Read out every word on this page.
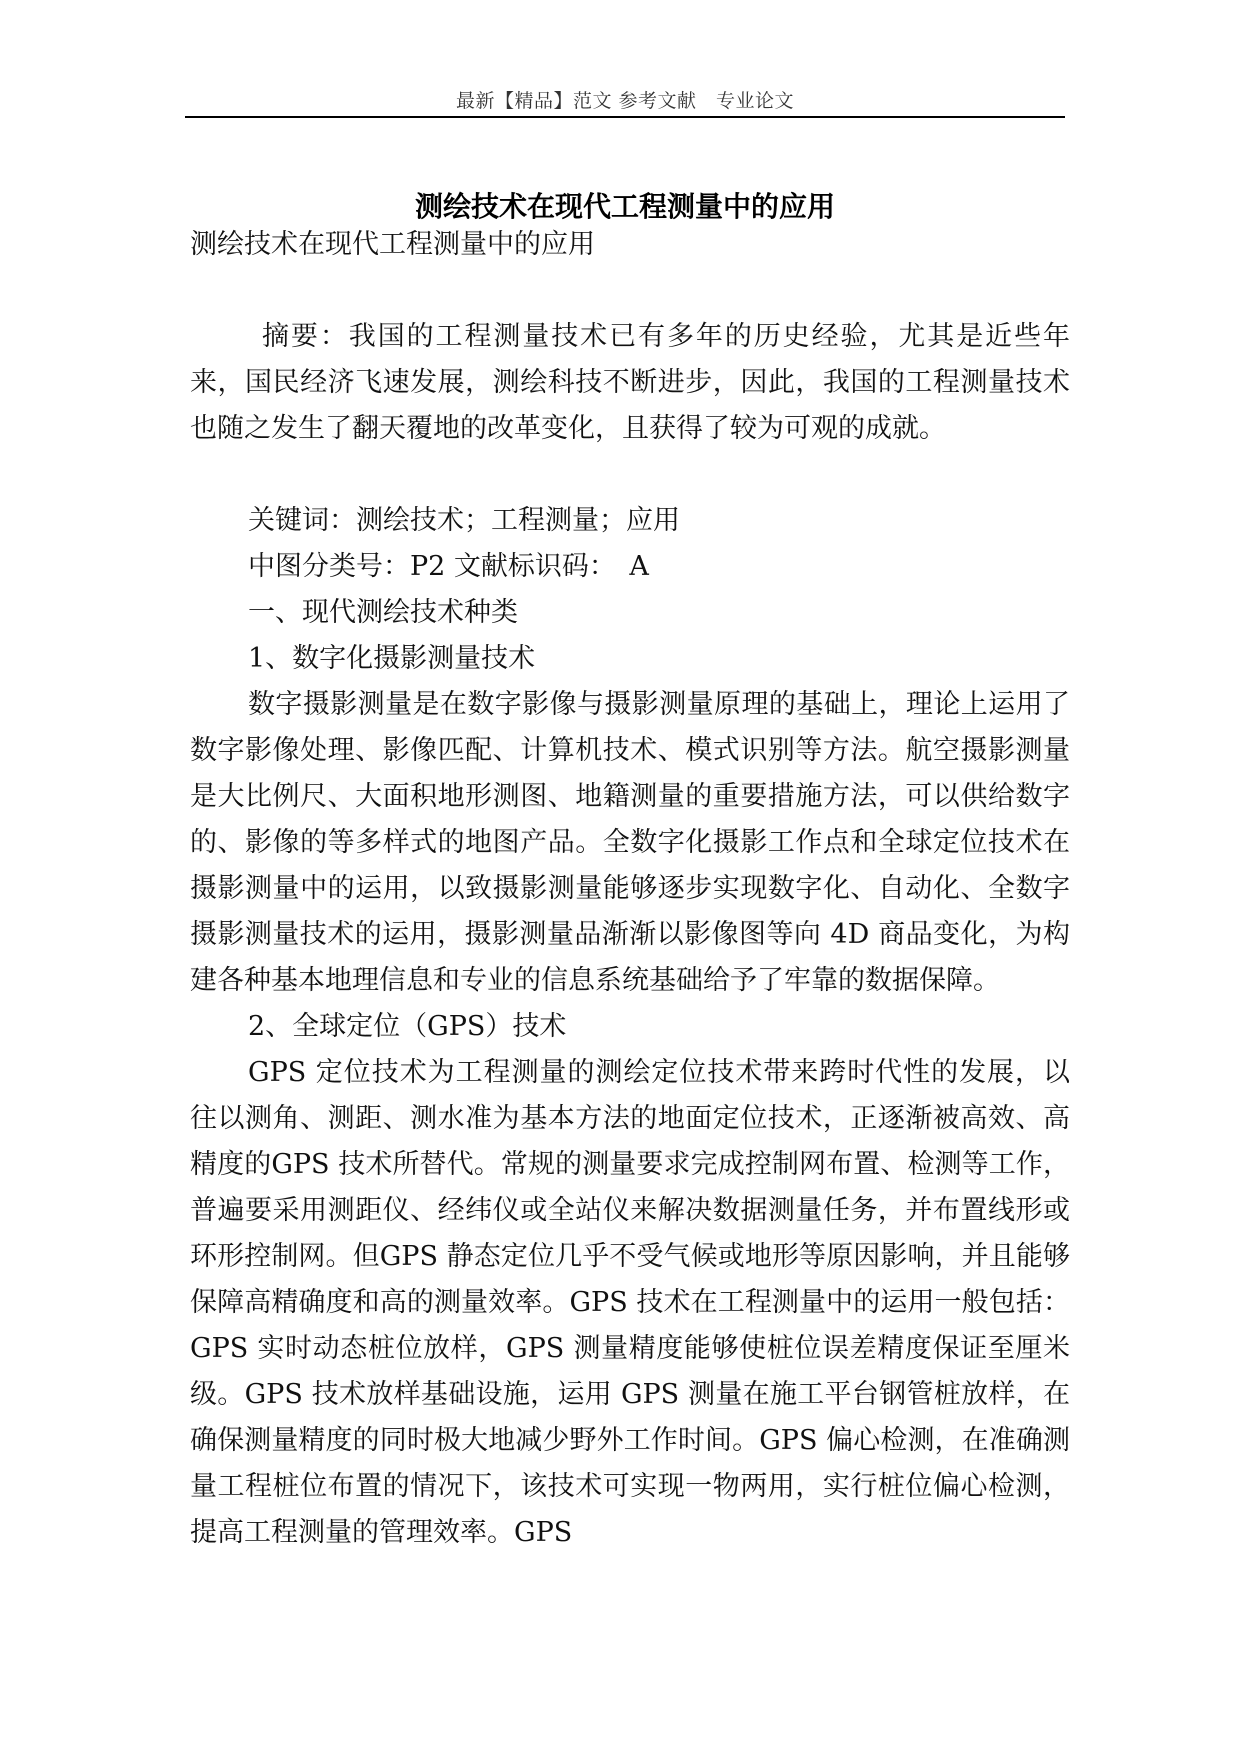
最新【精品】范文 参考文献　专业论文
测绘技术在现代工程测量中的应用

测绘技术在现代工程测量中的应用

摘要：我国的工程测量技术已有多年的历史经验，尤其是近些年来，国民经济飞速发展，测绘科技不断进步，因此，我国的工程测量技术也随之发生了翻天覆地的改革变化，且获得了较为可观的成就。

关键词：测绘技术；工程测量；应用

中图分类号：P2 文献标识码：　A

一、现代测绘技术种类

1、数字化摄影测量技术

数字摄影测量是在数字影像与摄影测量原理的基础上，理论上运用了数字影像处理、影像匹配、计算机技术、模式识别等方法。航空摄影测量是大比例尺、大面积地形测图、地籍测量的重要措施方法，可以供给数字的、影像的等多样式的地图产品。全数字化摄影工作点和全球定位技术在摄影测量中的运用，以致摄影测量能够逐步实现数字化、自动化、全数字摄影测量技术的运用，摄影测量品渐渐以影像图等向 4D 商品变化，为构建各种基本地理信息和专业的信息系统基础给予了牢靠的数据保障。

2、全球定位（GPS）技术

GPS 定位技术为工程测量的测绘定位技术带来跨时代性的发展，以往以测角、测距、测水准为基本方法的地面定位技术，正逐渐被高效、高精度的GPS 技术所替代。常规的测量要求完成控制网布置、检测等工作，普遍要采用测距仪、经纬仪或全站仪来解决数据测量任务，并布置线形或环形控制网。但GPS 静态定位几乎不受气候或地形等原因影响，并且能够保障高精确度和高的测量效率。GPS 技术在工程测量中的运用一般包括：GPS 实时动态桩位放样，GPS 测量精度能够使桩位误差精度保证至厘米级。GPS 技术放样基础设施，运用 GPS 测量在施工平台钢管桩放样，在确保测量精度的同时极大地减少野外工作时间。GPS 偏心检测，在准确测量工程桩位布置的情况下，该技术可实现一物两用，实行桩位偏心检测，提高工程测量的管理效率。GPS
